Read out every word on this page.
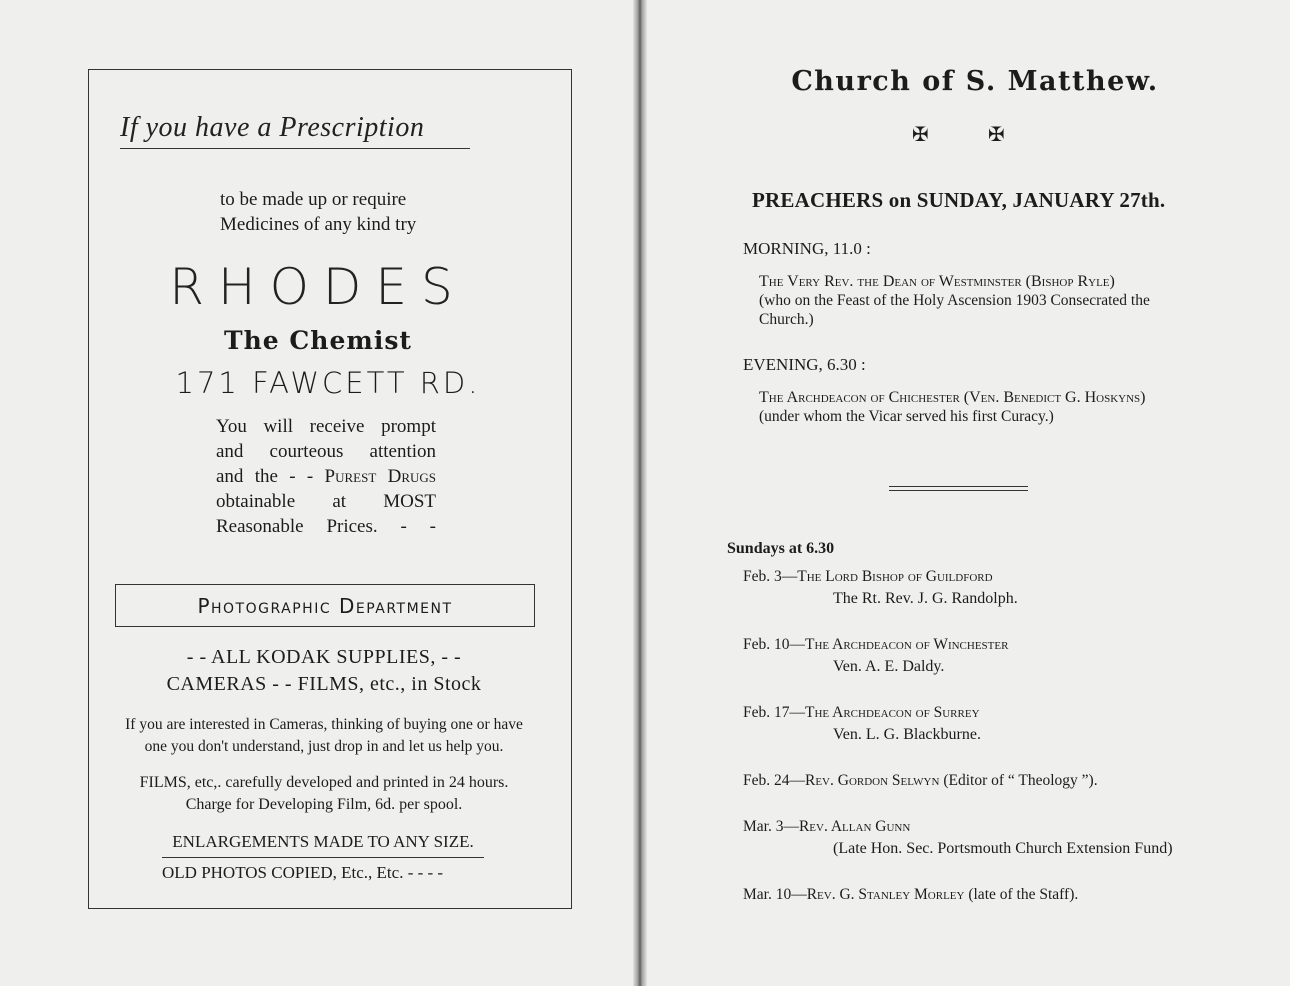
If you have a Prescription
to be made up or require
Medicines of any kind try
RHODES
The Chemist
171 FAWCETT RD.
You will receive prompt
and courteous attention
and the - - Purest Drugs
obtainable at MOST
Reasonable Prices. - -
Photographic Department
- - ALL KODAK SUPPLIES, - -
CAMERAS - - FILMS, etc., in Stock
If you are interested in Cameras, thinking of buying one or have one you don't understand, just drop in and let us help you.
FILMS, etc,. carefully developed and printed in 24 hours.
Charge for Developing Film, 6d. per spool.
ENLARGEMENTS MADE TO ANY SIZE.
OLD PHOTOS COPIED, Etc., Etc. - - - -
Church of S. Matthew.
✠	✠
PREACHERS on SUNDAY, JANUARY 27th.
MORNING, 11.0 :
The Very Rev. the Dean of Westminster (Bishop Ryle)
(who on the Feast of the Holy Ascension 1903 Consecrated the Church.)
EVENING, 6.30 :
The Archdeacon of Chichester (Ven. Benedict G. Hoskyns)
(under whom the Vicar served his first Curacy.)
Sundays at 6.30
Feb. 3—The Lord Bishop of Guildford
The Rt. Rev. J. G. Randolph.
Feb. 10—The Archdeacon of Winchester
Ven. A. E. Daldy.
Feb. 17—The Archdeacon of Surrey
Ven. L. G. Blackburne.
Feb. 24—Rev. Gordon Selwyn (Editor of “ Theology ”).
Mar. 3—Rev. Allan Gunn
(Late Hon. Sec. Portsmouth Church Extension Fund)
Mar. 10—Rev. G. Stanley Morley (late of the Staff).
